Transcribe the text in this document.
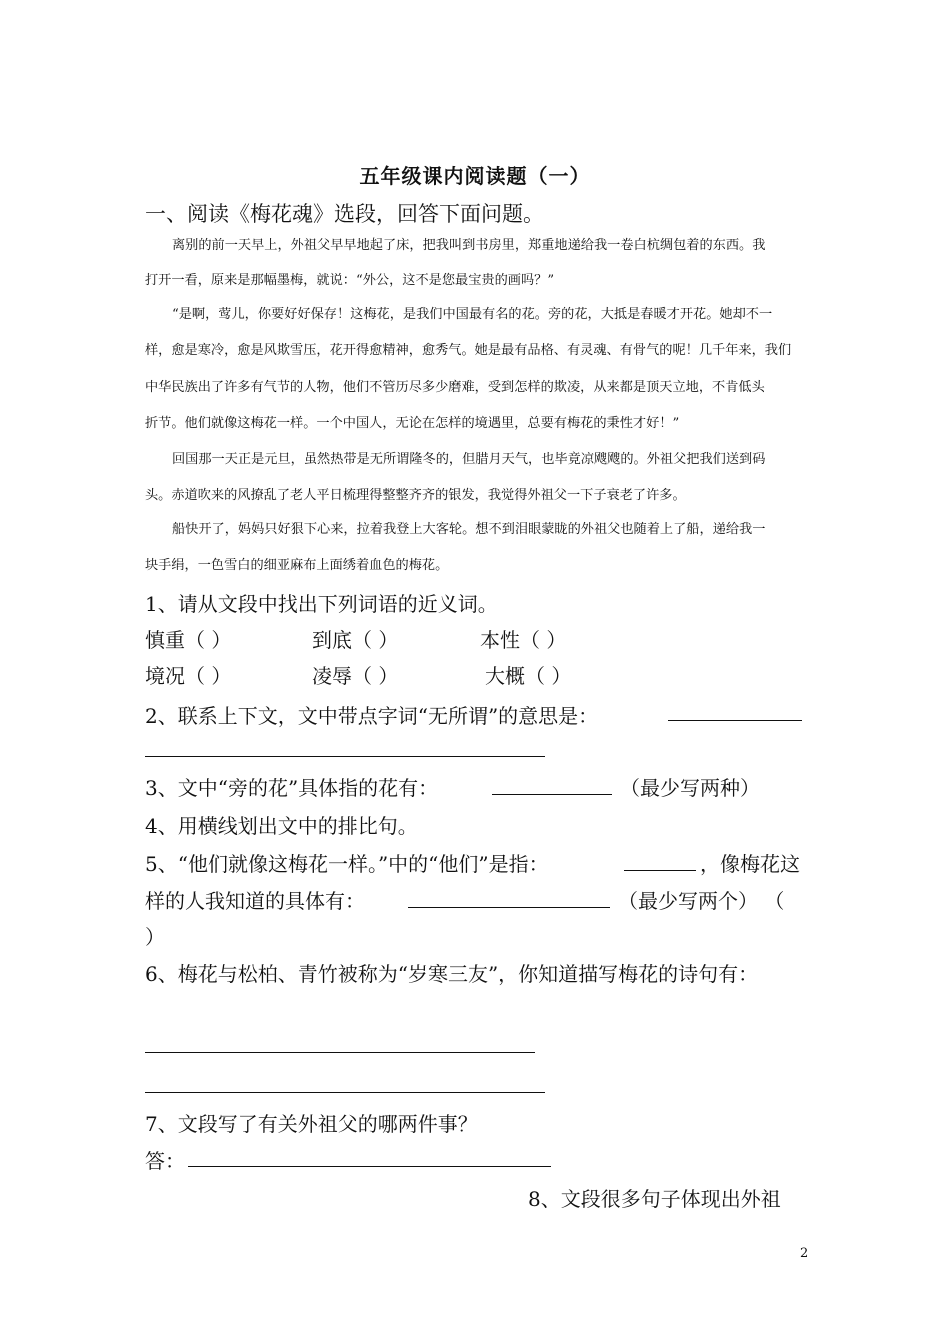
五年级课内阅读题（一）
一、阅读《梅花魂》选段，回答下面问题。
离别的前一天早上，外祖父早早地起了床，把我叫到书房里，郑重地递给我一卷白杭绸包着的东西。我
打开一看，原来是那幅墨梅，就说：“外公，这不是您最宝贵的画吗？”
“是啊，莺儿，你要好好保存！这梅花，是我们中国最有名的花。旁的花，大抵是春暖才开花。她却不一
样，愈是寒冷，愈是风欺雪压，花开得愈精神，愈秀气。她是最有品格、有灵魂、有骨气的呢！几千年来，我们
中华民族出了许多有气节的人物，他们不管历尽多少磨难，受到怎样的欺凌，从来都是顶天立地，不肯低头
折节。他们就像这梅花一样。一个中国人，无论在怎样的境遇里，总要有梅花的秉性才好！”
回国那一天正是元旦，虽然热带是无所谓隆冬的，但腊月天气，也毕竟凉飕飕的。外祖父把我们送到码
头。赤道吹来的风撩乱了老人平日梳理得整整齐齐的银发，我觉得外祖父一下子衰老了许多。
船快开了，妈妈只好狠下心来，拉着我登上大客轮。想不到泪眼蒙眬的外祖父也随着上了船，递给我一
块手绢，一色雪白的细亚麻布上面绣着血色的梅花。
1、请从文段中找出下列词语的近义词。
慎重（ ）	到底（ ）	本性（ ）
境况（ ）	凌辱（ ）	大概（ ）
2、联系上下文，文中带点字词“无所谓”的意思是：
3、文中“旁的花”具体指的花有：	（最少写两种）
4、用横线划出文中的排比句。
5、“他们就像这梅花一样。”中的“他们”是指：	，像梅花这
样的人我知道的具体有：	（最少写两个） （
）
6、梅花与松柏、青竹被称为“岁寒三友”，你知道描写梅花的诗句有：
7、文段写了有关外祖父的哪两件事？
答：
8、文段很多句子体现出外祖
2
